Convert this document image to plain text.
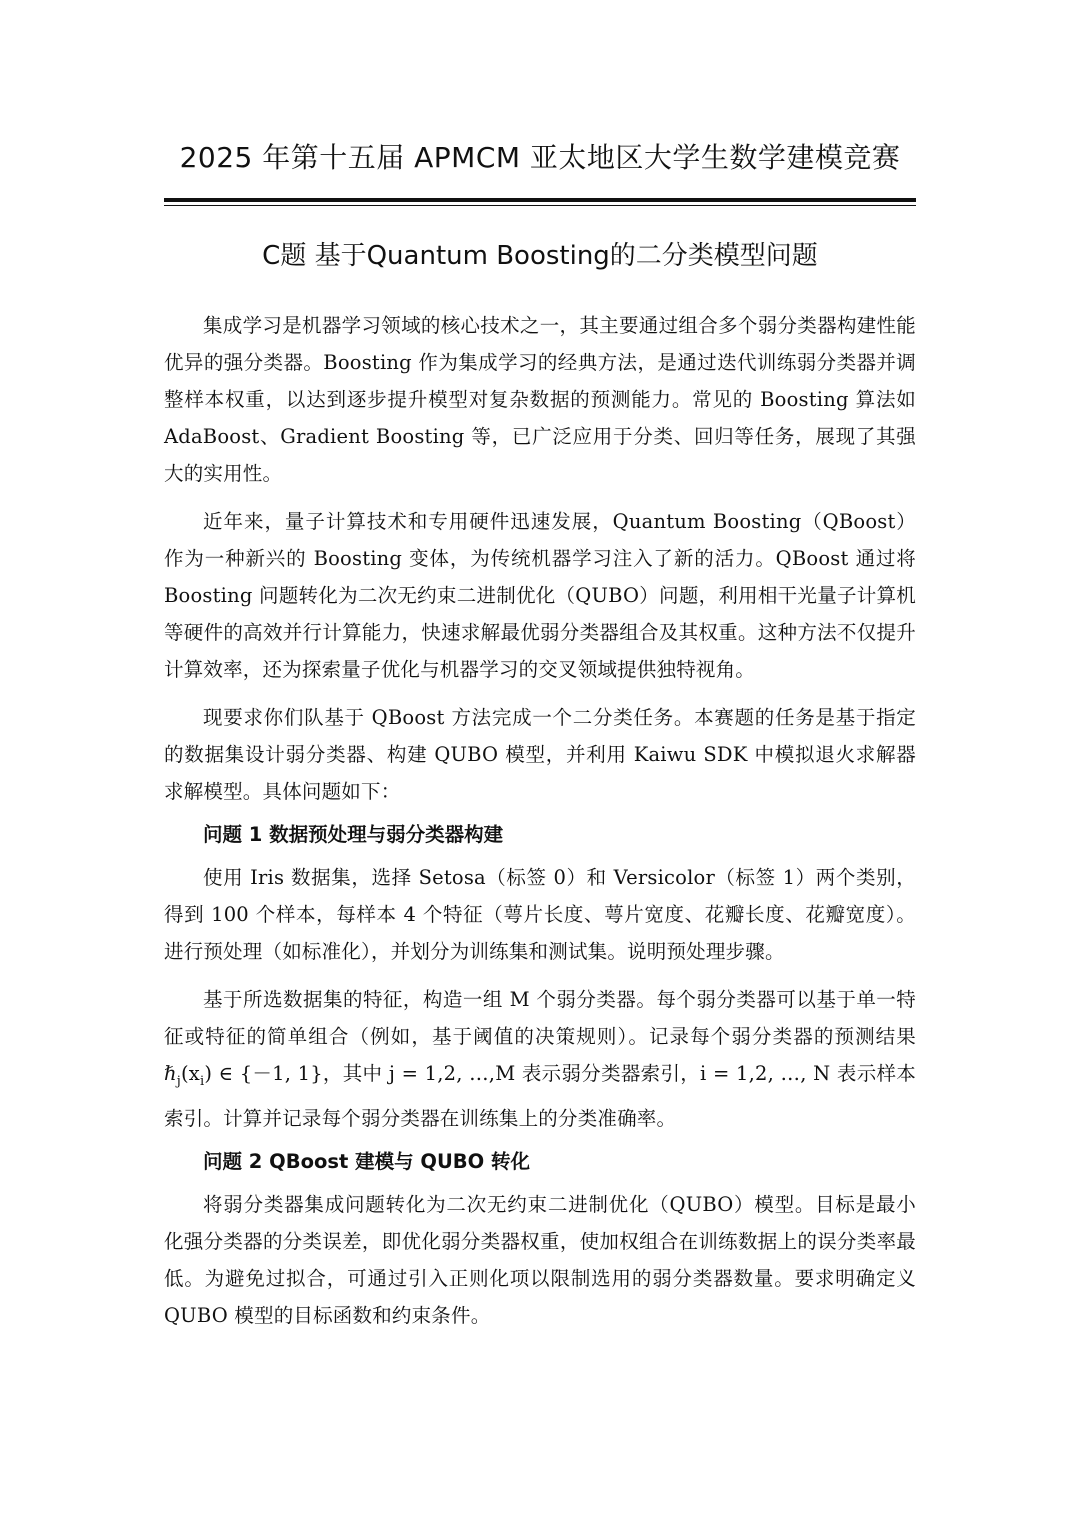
2025 年第十五届 APMCM 亚太地区大学生数学建模竞赛
C题 基于Quantum Boosting的二分类模型问题

集成学习是机器学习领域的核心技术之一，其主要通过组合多个弱分类器构建性能优异的强分类器。Boosting 作为集成学习的经典方法，是通过迭代训练弱分类器并调整样本权重，以达到逐步提升模型对复杂数据的预测能力。常见的 Boosting 算法如 AdaBoost、Gradient Boosting 等，已广泛应用于分类、回归等任务，展现了其强大的实用性。

近年来，量子计算技术和专用硬件迅速发展，Quantum Boosting（QBoost）作为一种新兴的 Boosting 变体，为传统机器学习注入了新的活力。QBoost 通过将 Boosting 问题转化为二次无约束二进制优化（QUBO）问题，利用相干光量子计算机等硬件的高效并行计算能力，快速求解最优弱分类器组合及其权重。这种方法不仅提升计算效率，还为探索量子优化与机器学习的交叉领域提供独特视角。

现要求你们队基于 QBoost 方法完成一个二分类任务。本赛题的任务是基于指定的数据集设计弱分类器、构建 QUBO 模型，并利用 Kaiwu SDK 中模拟退火求解器求解模型。具体问题如下：

问题 1 数据预处理与弱分类器构建

使用 Iris 数据集，选择 Setosa（标签 0）和 Versicolor（标签 1）两个类别，得到 100 个样本，每样本 4 个特征（萼片长度、萼片宽度、花瓣长度、花瓣宽度）。进行预处理（如标准化），并划分为训练集和测试集。说明预处理步骤。

基于所选数据集的特征，构造一组 M 个弱分类器。每个弱分类器可以基于单一特征或特征的简单组合（例如，基于阈值的决策规则）。记录每个弱分类器的预测结果 $\hbar_j(x_i)$ ∈ {－1, 1}，其中 j = 1,2, …,M 表示弱分类器索引，i = 1,2, …, N 表示样本索引。计算并记录每个弱分类器在训练集上的分类准确率。

问题 2 QBoost 建模与 QUBO 转化

将弱分类器集成问题转化为二次无约束二进制优化（QUBO）模型。目标是最小化强分类器的分类误差，即优化弱分类器权重，使加权组合在训练数据上的误分类率最低。为避免过拟合，可通过引入正则化项以限制选用的弱分类器数量。要求明确定义 QUBO 模型的目标函数和约束条件。
